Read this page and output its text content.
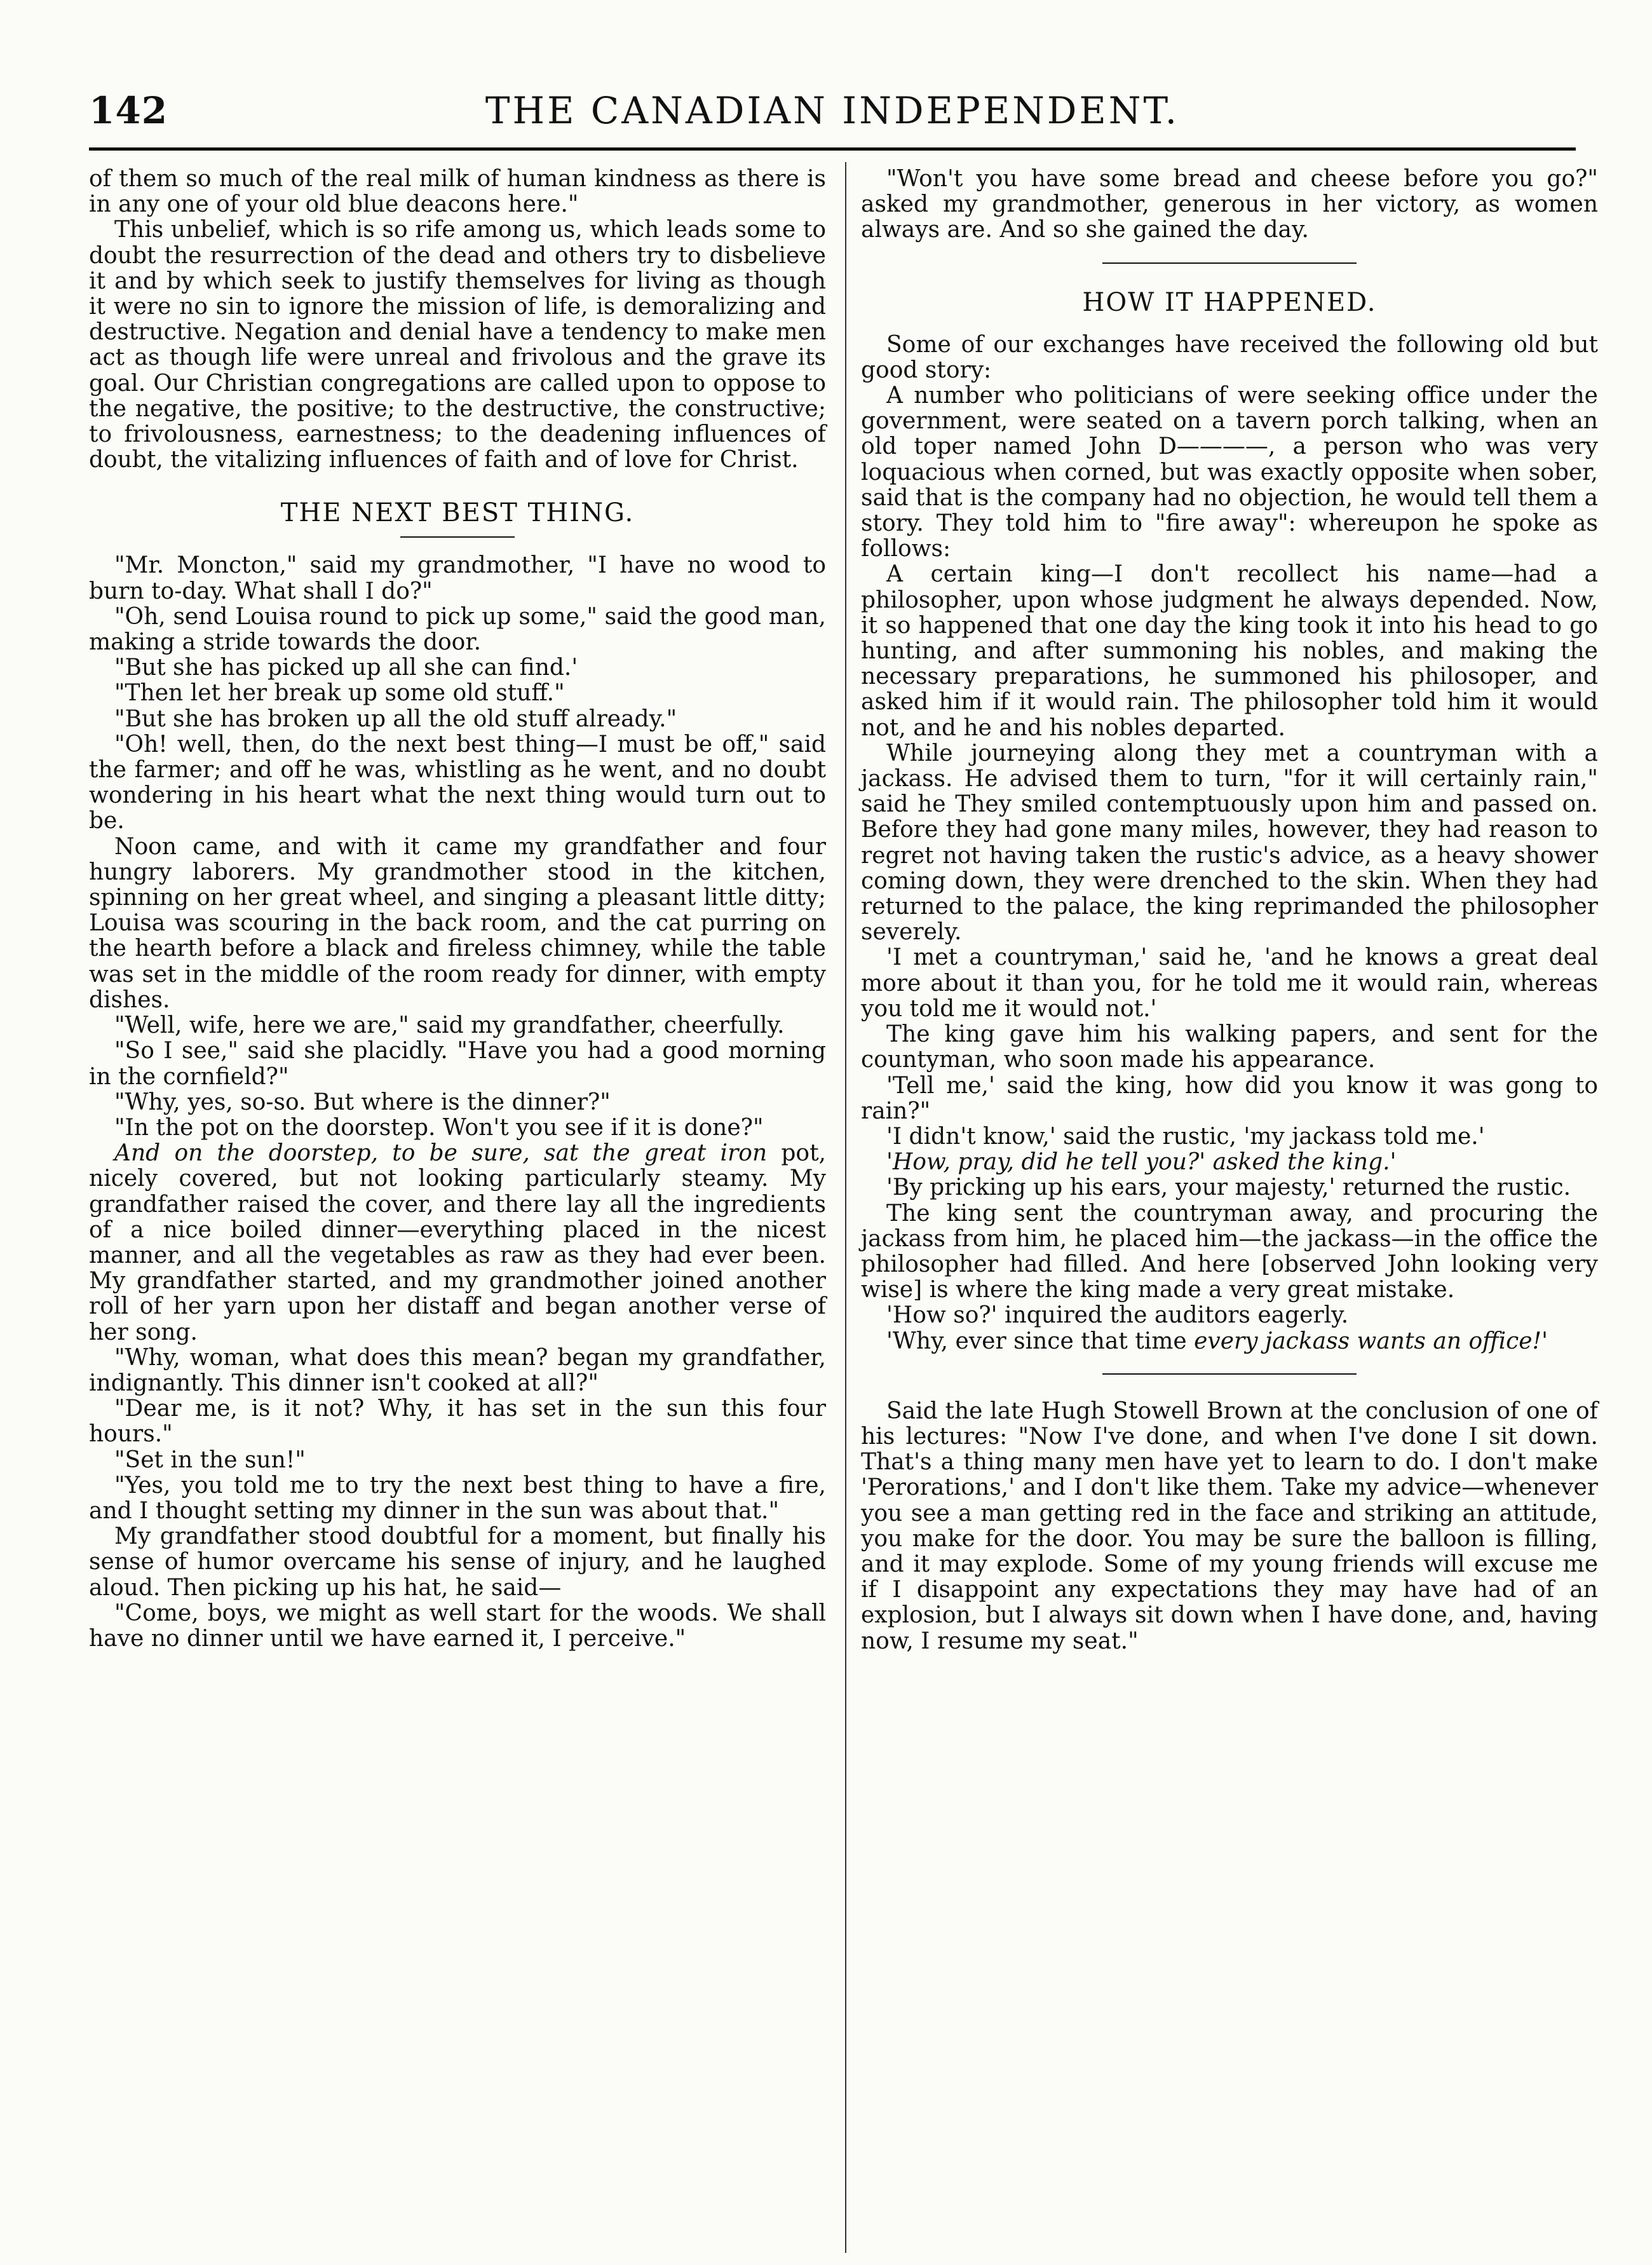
142	THE CANADIAN INDEPENDENT.

of them so much of the real milk of human kindness as there is in any one of your old blue deacons here."

This unbelief, which is so rife among us, which leads some to doubt the resurrection of the dead and others try to disbelieve it and by which seek to justify themselves for living as though it were no sin to ignore the mission of life, is demoralizing and destructive. Negation and denial have a tendency to make men act as though life were unreal and frivolous and the grave its goal. Our Christian congregations are called upon to oppose to the negative, the positive; to the destructive, the constructive; to frivolousness, earnestness; to the deadening influences of doubt, the vitalizing influences of faith and of love for Christ.

THE NEXT BEST THING.

"Mr. Moncton," said my grandmother, "I have no wood to burn to-day. What shall I do?"

"Oh, send Louisa round to pick up some," said the good man, making a stride towards the door.

"But she has picked up all she can find.'

"Then let her break up some old stuff."

"But she has broken up all the old stuff already."

"Oh! well, then, do the next best thing—I must be off," said the farmer; and off he was, whistling as he went, and no doubt wondering in his heart what the next thing would turn out to be.

Noon came, and with it came my grandfather and four hungry laborers. My grandmother stood in the kitchen, spinning on her great wheel, and singing a pleasant little ditty; Louisa was scouring in the back room, and the cat purring on the hearth before a black and fireless chimney, while the table was set in the middle of the room ready for dinner, with empty dishes.

"Well, wife, here we are," said my grandfather, cheerfully.

"So I see," said she placidly. "Have you had a good morning in the cornfield?"

"Why, yes, so-so. But where is the dinner?"

"In the pot on the doorstep. Won't you see if it is done?"

And on the doorstep, to be sure, sat the great iron pot, nicely covered, but not looking particularly steamy. My grandfather raised the cover, and there lay all the ingredients of a nice boiled dinner—everything placed in the nicest manner, and all the vegetables as raw as they had ever been. My grandfather started, and my grandmother joined another roll of her yarn upon her distaff and began another verse of her song.

"Why, woman, what does this mean? began my grandfather, indignantly. This dinner isn't cooked at all?"

"Dear me, is it not? Why, it has set in the sun this four hours."

"Set in the sun!"

"Yes, you told me to try the next best thing to have a fire, and I thought setting my dinner in the sun was about that."

My grandfather stood doubtful for a moment, but finally his sense of humor overcame his sense of injury, and he laughed aloud. Then picking up his hat, he said—

"Come, boys, we might as well start for the woods. We shall have no dinner until we have earned it, I perceive."

"Won't you have some bread and cheese before you go?" asked my grandmother, generous in her victory, as women always are. And so she gained the day.

HOW IT HAPPENED.

Some of our exchanges have received the following old but good story:

A number who politicians of were seeking office under the government, were seated on a tavern porch talking, when an old toper named John D————, a person who was very loquacious when corned, but was exactly opposite when sober, said that is the company had no objection, he would tell them a story. They told him to "fire away": whereupon he spoke as follows:

A certain king—I don't recollect his name—had a philosopher, upon whose judgment he always depended. Now, it so happened that one day the king took it into his head to go hunting, and after summoning his nobles, and making the necessary preparations, he summoned his philosoper, and asked him if it would rain. The philosopher told him it would not, and he and his nobles departed.

While journeying along they met a countryman with a jackass. He advised them to turn, "for it will certainly rain," said he They smiled contemptuously upon him and passed on. Before they had gone many miles, however, they had reason to regret not having taken the rustic's advice, as a heavy shower coming down, they were drenched to the skin. When they had returned to the palace, the king reprimanded the philosopher severely.

'I met a countryman,' said he, 'and he knows a great deal more about it than you, for he told me it would rain, whereas you told me it would not.'

The king gave him his walking papers, and sent for the countyman, who soon made his appearance.

'Tell me,' said the king, how did you know it was gong to rain?"

'I didn't know,' said the rustic, 'my jackass told me.'

'How, pray, did he tell you?' asked the king.'

'By pricking up his ears, your majesty,' returned the rustic.

The king sent the countryman away, and procuring the jackass from him, he placed him—the jackass—in the office the philosopher had filled. And here [observed John looking very wise] is where the king made a very great mistake.

'How so?' inquired the auditors eagerly.

'Why, ever since that time every jackass wants an office!'

Said the late Hugh Stowell Brown at the conclusion of one of his lectures: "Now I've done, and when I've done I sit down. That's a thing many men have yet to learn to do. I don't make 'Perorations,' and I don't like them. Take my advice—whenever you see a man getting red in the face and striking an attitude, you make for the door. You may be sure the balloon is filling, and it may explode. Some of my young friends will excuse me if I disappoint any expectations they may have had of an explosion, but I always sit down when I have done, and, having now, I resume my seat."
